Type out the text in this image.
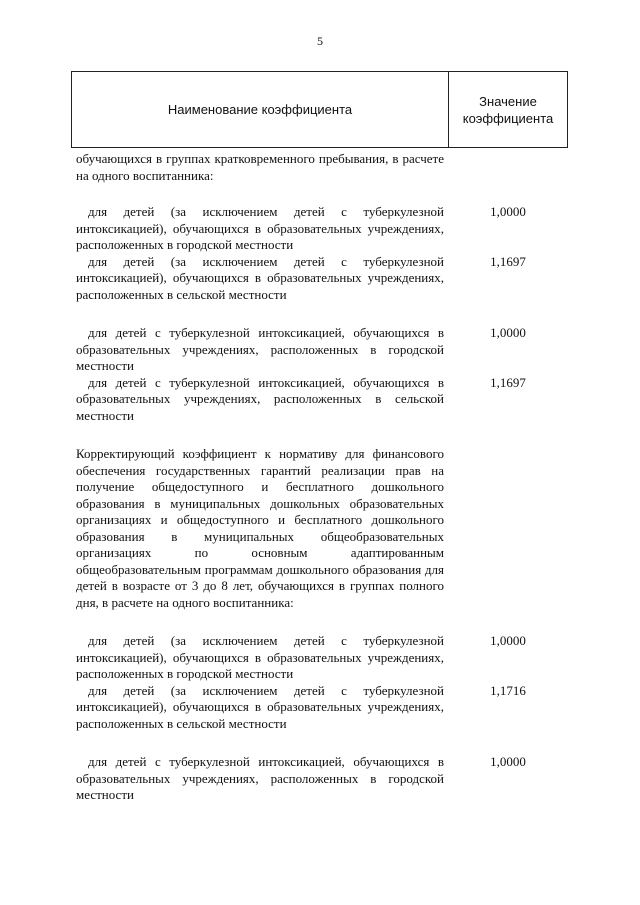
5
Наименование коэффициента
Значение
коэффициента
обучающихся в группах кратковременного пребывания, в расчете на одного воспитанника:
для детей (за исключением детей с туберкулезной интоксикацией), обучающихся в образовательных учреждениях, расположенных в городской местности
1,0000
для детей (за исключением детей с туберкулезной интоксикацией), обучающихся в образовательных учреждениях, расположенных в сельской местности
1,1697
для детей с туберкулезной интоксикацией, обучающихся в образовательных учреждениях, расположенных в городской местности
1,0000
для детей с туберкулезной интоксикацией, обучающихся в образовательных учреждениях, расположенных в сельской местности
1,1697
Корректирующий коэффициент к нормативу для финансового обеспечения государственных гарантий реализации прав на получение общедоступного и бесплатного дошкольного образования в муниципальных дошкольных образовательных организациях и общедоступного и бесплатного дошкольного образования в муниципальных общеобразовательных организациях по основным адаптированным общеобразовательным программам дошкольного образования для детей в возрасте от 3 до 8 лет, обучающихся в группах полного дня, в расчете на одного воспитанника:
для детей (за исключением детей с туберкулезной интоксикацией), обучающихся в образовательных учреждениях, расположенных в городской местности
1,0000
для детей (за исключением детей с туберкулезной интоксикацией), обучающихся в образовательных учреждениях, расположенных в сельской местности
1,1716
для детей с туберкулезной интоксикацией, обучающихся в образовательных учреждениях, расположенных в городской местности
1,0000
